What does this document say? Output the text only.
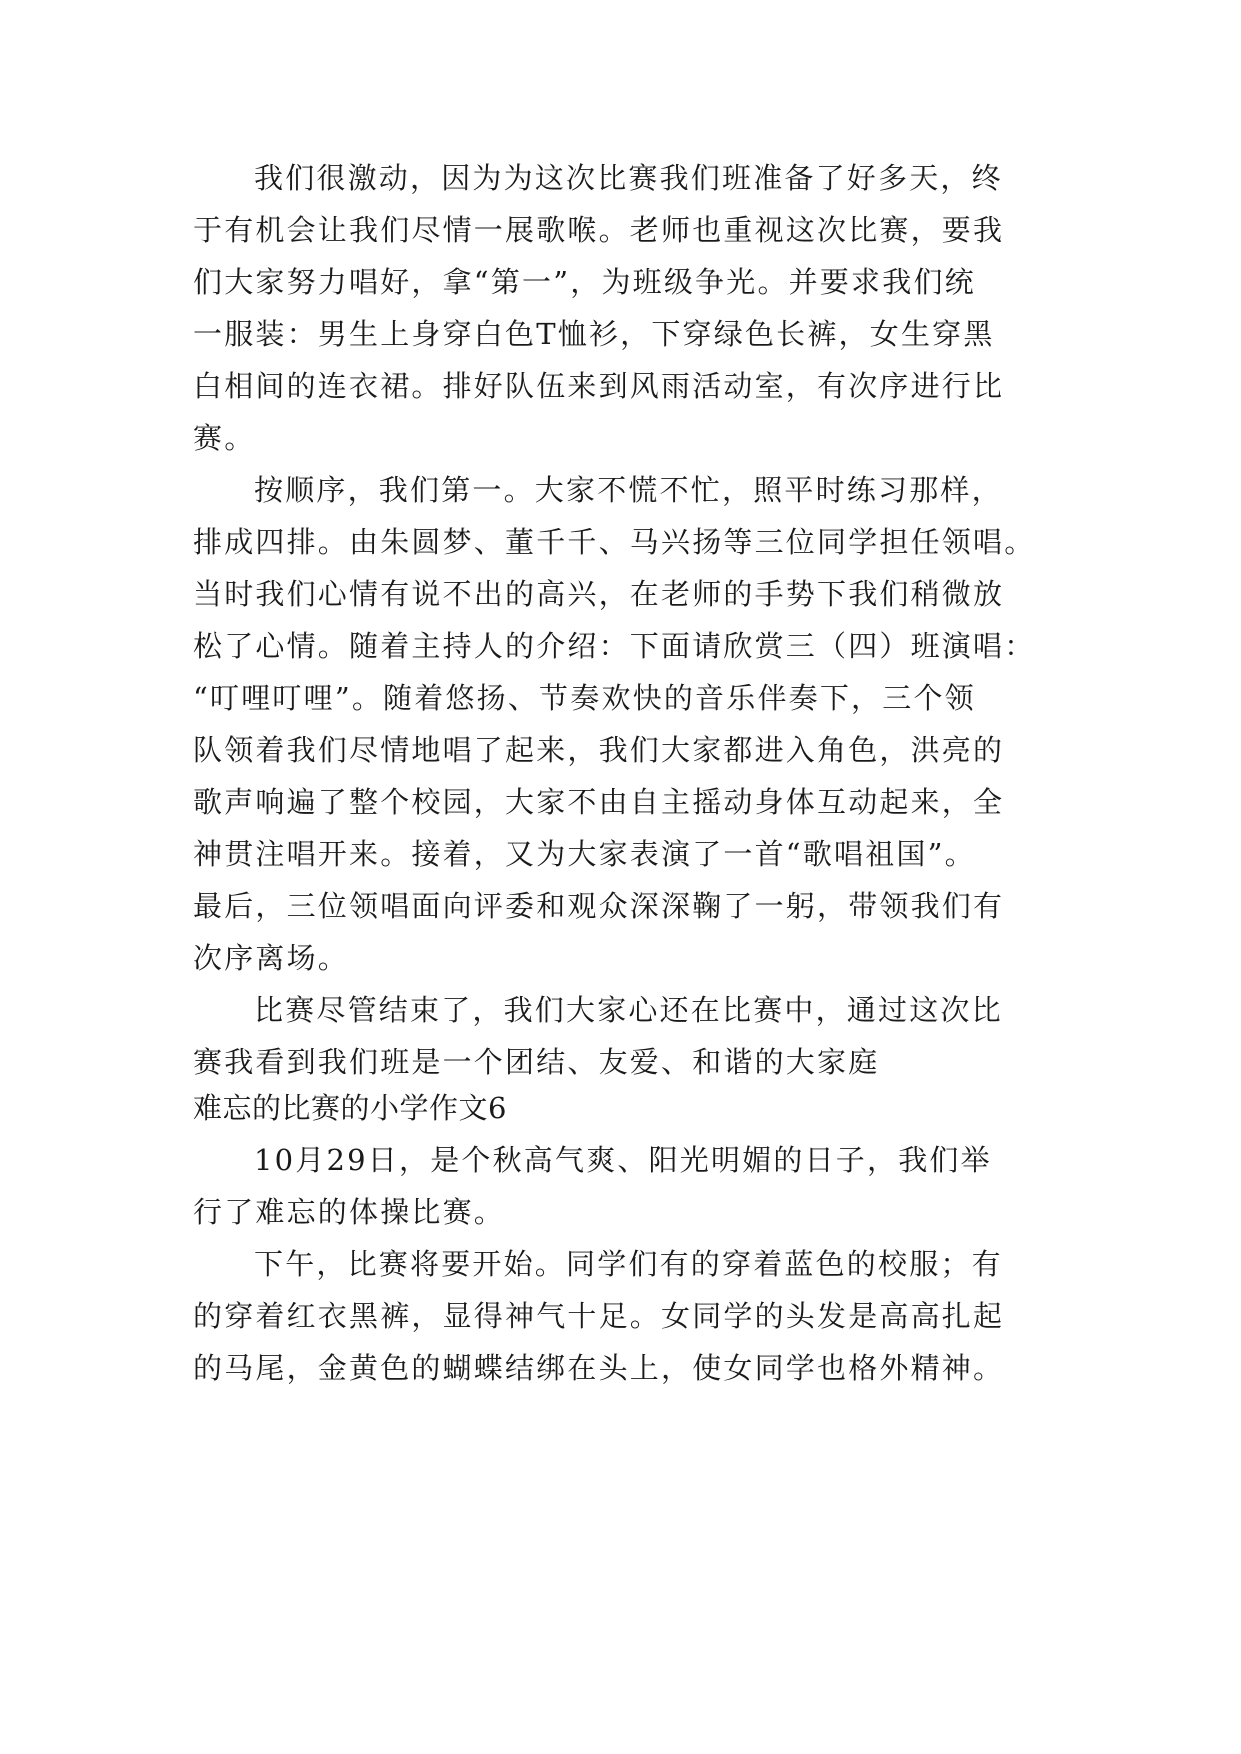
我们很激动，因为为这次比赛我们班准备了好多天，终
于有机会让我们尽情一展歌喉。老师也重视这次比赛，要我
们大家努力唱好，拿“第一”，为班级争光。并要求我们统
一服装：男生上身穿白色T恤衫，下穿绿色长裤，女生穿黑
白相间的连衣裙。排好队伍来到风雨活动室，有次序进行比
赛。
按顺序，我们第一。大家不慌不忙，照平时练习那样，
排成四排。由朱圆梦、董千千、马兴扬等三位同学担任领唱。
当时我们心情有说不出的高兴，在老师的手势下我们稍微放
松了心情。随着主持人的介绍：下面请欣赏三（四）班演唱：
“叮哩叮哩”。随着悠扬、节奏欢快的音乐伴奏下，三个领
队领着我们尽情地唱了起来，我们大家都进入角色，洪亮的
歌声响遍了整个校园，大家不由自主摇动身体互动起来，全
神贯注唱开来。接着，又为大家表演了一首“歌唱祖国”。
最后，三位领唱面向评委和观众深深鞠了一躬，带领我们有
次序离场。
比赛尽管结束了，我们大家心还在比赛中，通过这次比
赛我看到我们班是一个团结、友爱、和谐的大家庭
难忘的比赛的小学作文6
10月29日，是个秋高气爽、阳光明媚的日子，我们举
行了难忘的体操比赛。
下午，比赛将要开始。同学们有的穿着蓝色的校服；有
的穿着红衣黑裤，显得神气十足。女同学的头发是高高扎起
的马尾，金黄色的蝴蝶结绑在头上，使女同学也格外精神。
